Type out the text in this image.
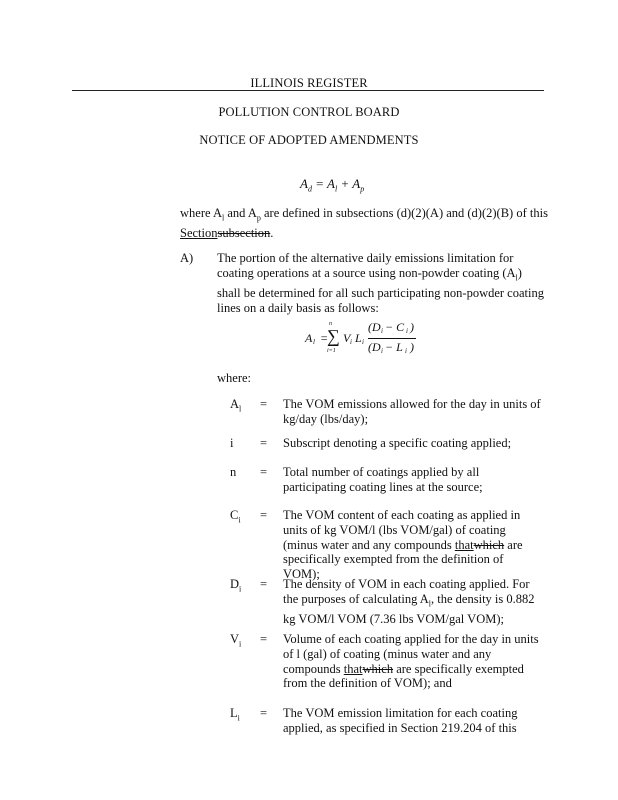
ILLINOIS REGISTER
POLLUTION CONTROL BOARD
NOTICE OF ADOPTED AMENDMENTS
$A_d = A_l + A_p$
where $A_l$ and $A_p$ are defined in subsections (d)(2)(A) and (d)(2)(B) of this Sectionsubsection.
A) The portion of the alternative daily emissions limitation for coating operations at a source using non-powder coating $(A_l)$ shall be determined for all such participating non-powder coating lines on a daily basis as follows:
A l =
n
∑
i=1
V i L i
(D i − C i )
(D i − L i )
where:
$A_l$	=	The VOM emissions allowed for the day in units of kg/day (lbs/day);
i	=	Subscript denoting a specific coating applied;
n	=	Total number of coatings applied by all participating coating lines at the source;
$C_i$	=	The VOM content of each coating as applied in units of kg VOM/l (lbs VOM/gal) of coating (minus water and any compounds thatwhich are specifically exempted from the definition of VOM);
$D_i$	=	The density of VOM in each coating applied. For the purposes of calculating $A_l$, the density is 0.882 kg VOM/l VOM (7.36 lbs VOM/gal VOM);
$V_i$	=	Volume of each coating applied for the day in units of l (gal) of coating (minus water and any compounds thatwhich are specifically exempted from the definition of VOM); and
$L_i$	=	The VOM emission limitation for each coating applied, as specified in Section 219.204 of this
